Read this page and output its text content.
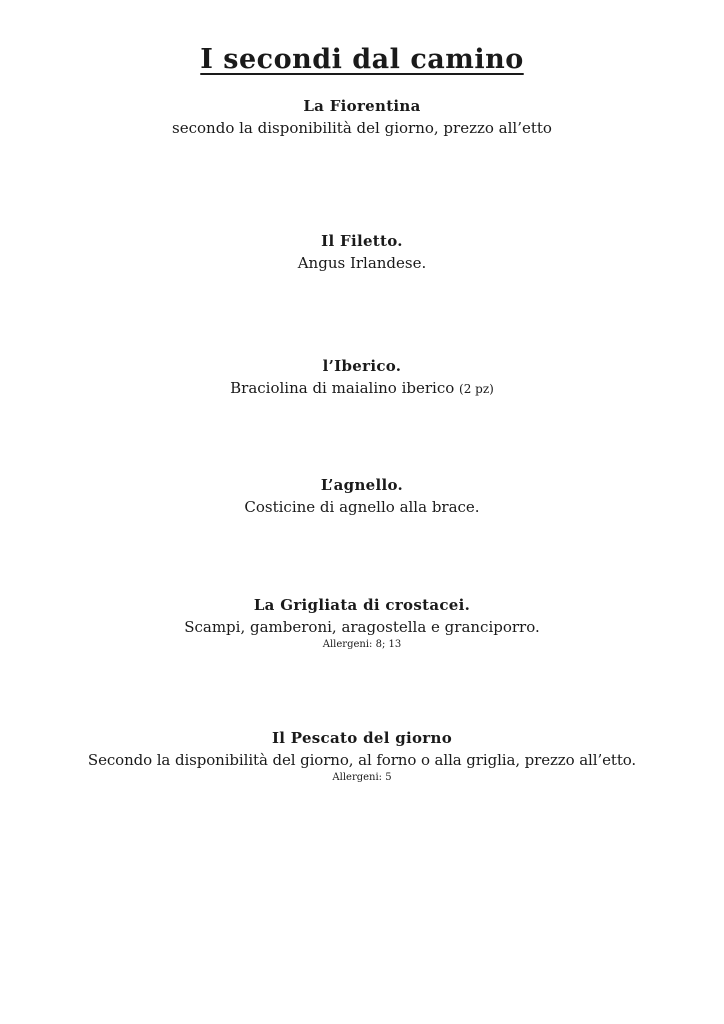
I secondi dal camino
La Fiorentina
secondo la disponibilità del giorno, prezzo all’etto
Il Filetto.
Angus Irlandese.
l’Iberico.
Braciolina di maialino iberico (2 pz)
L’agnello.
Costicine di agnello alla brace.
La Grigliata di crostacei.
Scampi, gamberoni, aragostella e granciporro.
Allergeni: 8; 13
Il Pescato del giorno
Secondo la disponibilità del giorno, al forno o alla griglia, prezzo all’etto.
Allergeni: 5
